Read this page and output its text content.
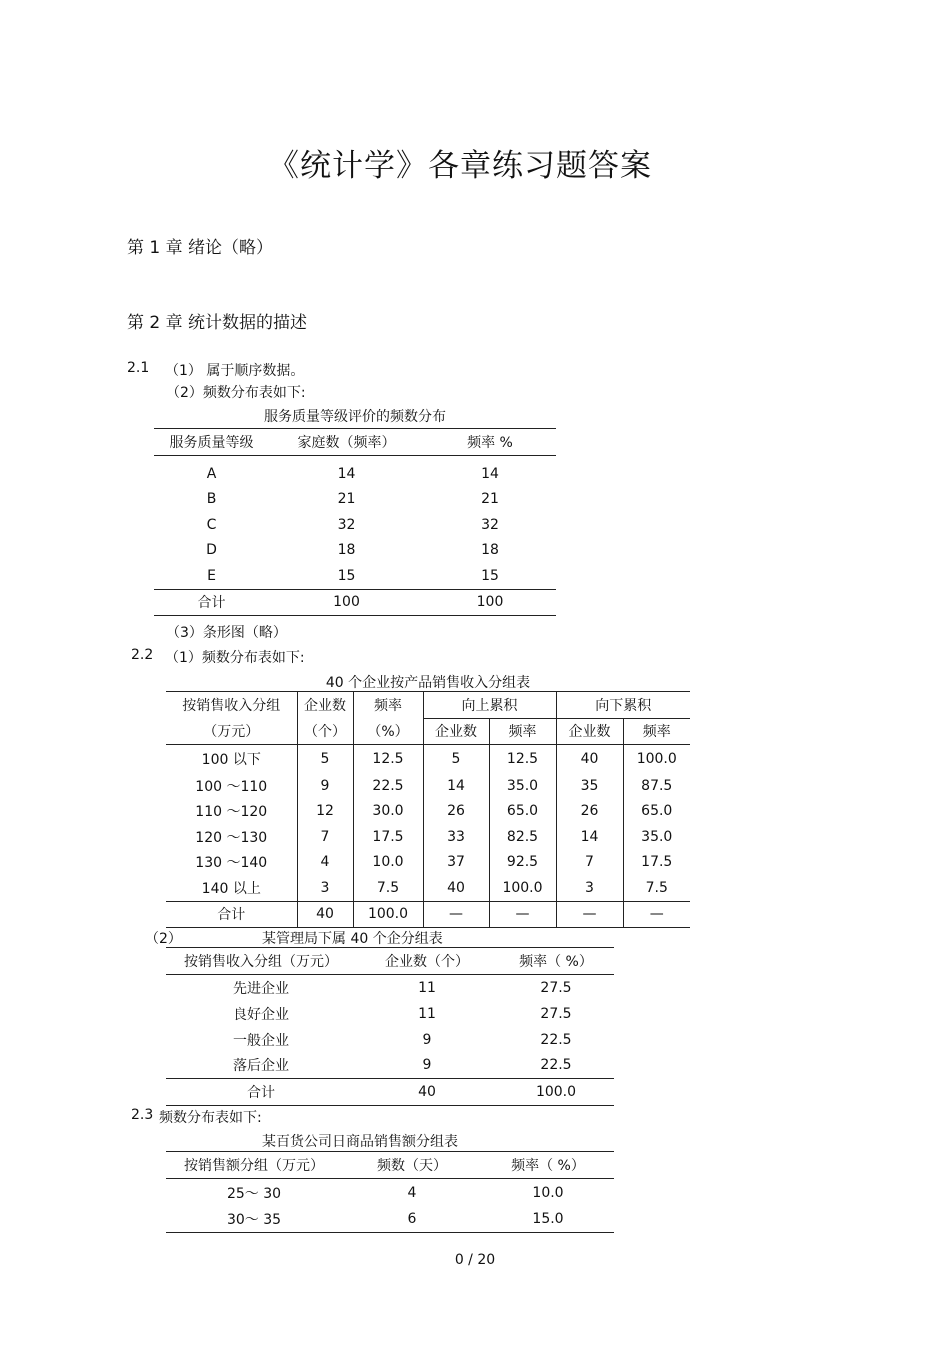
《统计学》各章练习题答案
第 1 章 绪论（略）
第 2 章 统计数据的描述
2.1 （1） 属于顺序数据。
（2）频数分布表如下:
服务质量等级评价的频数分布
服务质量等级	家庭数（频率）	频率 %

A	14	14
B	21	21
C	32	32
D	18	18
E	15	15
合计	100	100
（3）条形图（略）
2.2 （1）频数分布表如下:
40 个企业按产品销售收入分组表
按销售收入分组	企业数	频率	向上累积		向下累积	
（万元）	（个）	（%）	企业数	频率	企业数	频率
100 以下	5	12.5	5	12.5	40	100.0
100 ～110	9	22.5	14	35.0	35	87.5
110 ～120	12	30.0	26	65.0	26	65.0
120 ～130	7	17.5	33	82.5	14	35.0
130 ～140	4	10.0	37	92.5	7	17.5
140 以上	3	7.5	40	100.0	3	7.5
合计	40	100.0	—	—	—	—
（2）	某管理局下属 40 个企分组表
按销售收入分组（万元）	企业数（个）	频率（ %）
先进企业	11	27.5
良好企业	11	27.5
一般企业	9	22.5
落后企业	9	22.5
合计	40	100.0
2.3 频数分布表如下:
某百货公司日商品销售额分组表
按销售额分组（万元）	频数（天）	频率（ %）
25～ 30	4	10.0
30～ 35	6	15.0
0 / 20
